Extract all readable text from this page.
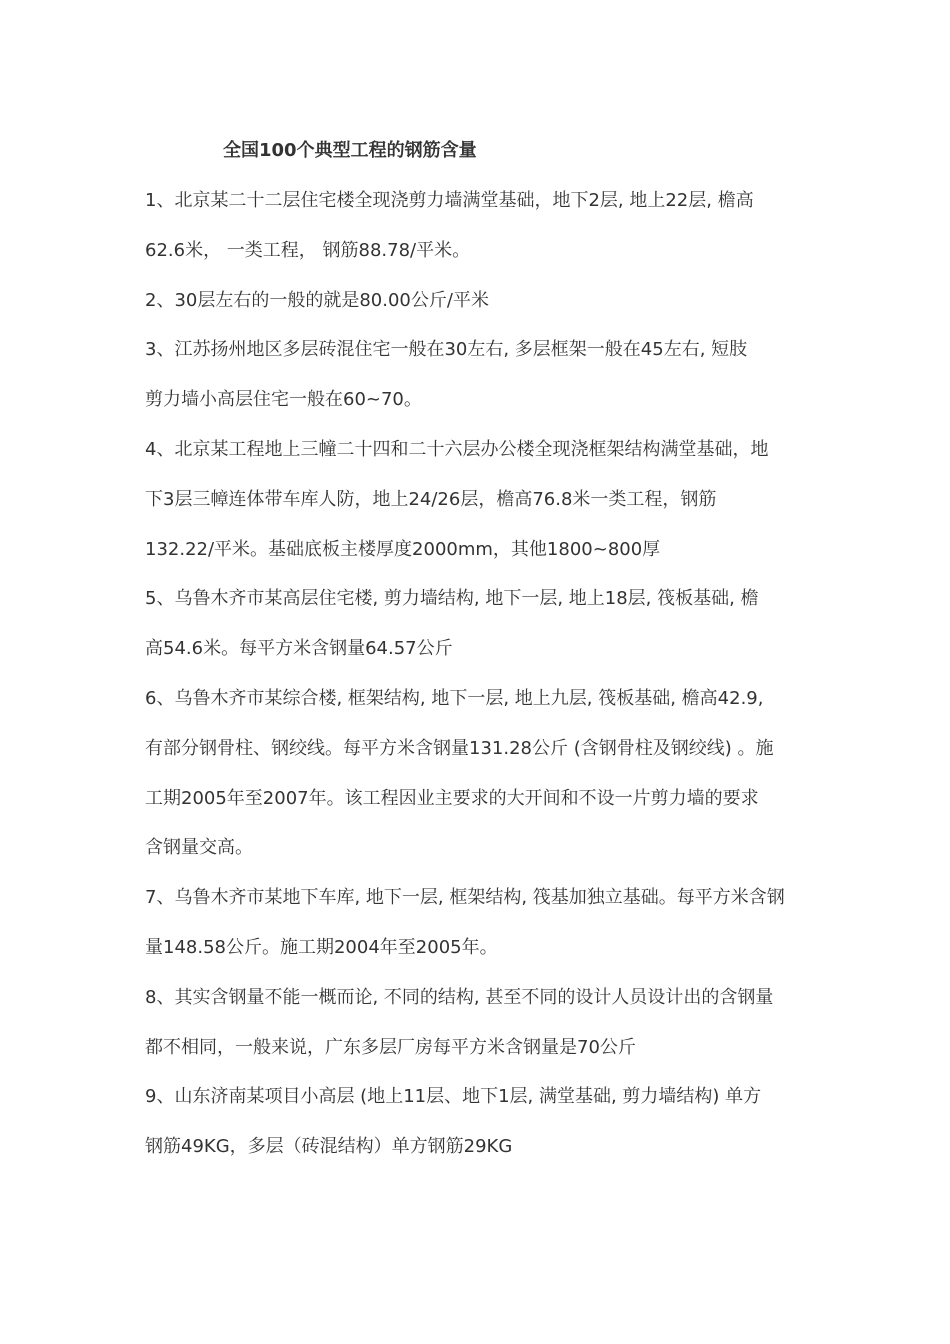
全国100个典型工程的钢筋含量
1、北京某二十二层住宅楼全现浇剪力墙满堂基础，地下2层, 地上22层, 檐高
62.6米， 一类工程， 钢筋88.78/平米。
2、30层左右的一般的就是80.00公斤/平米
3、江苏扬州地区多层砖混住宅一般在30左右, 多层框架一般在45左右, 短肢
剪力墙小高层住宅一般在60~70。
4、北京某工程地上三幢二十四和二十六层办公楼全现浇框架结构满堂基础，地
下3层三幛连体带车库人防，地上24/26层，檐高76.8米一类工程，钢筋
132.22/平米。基础底板主楼厚度2000mm，其他1800~800厚
5、乌鲁木齐市某高层住宅楼, 剪力墙结构, 地下一层, 地上18层, 筏板基础, 檐
高54.6米。每平方米含钢量64.57公斤
6、乌鲁木齐市某综合楼, 框架结构, 地下一层, 地上九层, 筏板基础, 檐高42.9,
有部分钢骨柱、钢绞线。每平方米含钢量131.28公斤 (含钢骨柱及钢绞线) 。施
工期2005年至2007年。该工程因业主要求的大开间和不设一片剪力墙的要求
含钢量交高。
7、乌鲁木齐市某地下车库, 地下一层, 框架结构, 筏基加独立基础。每平方米含钢
量148.58公斤。施工期2004年至2005年。
8、其实含钢量不能一概而论, 不同的结构, 甚至不同的设计人员设计出的含钢量
都不相同，一般来说，广东多层厂房每平方米含钢量是70公斤
9、山东济南某项目小高层 (地上11层、地下1层, 满堂基础, 剪力墙结构) 单方
钢筋49KG，多层（砖混结构）单方钢筋29KG
